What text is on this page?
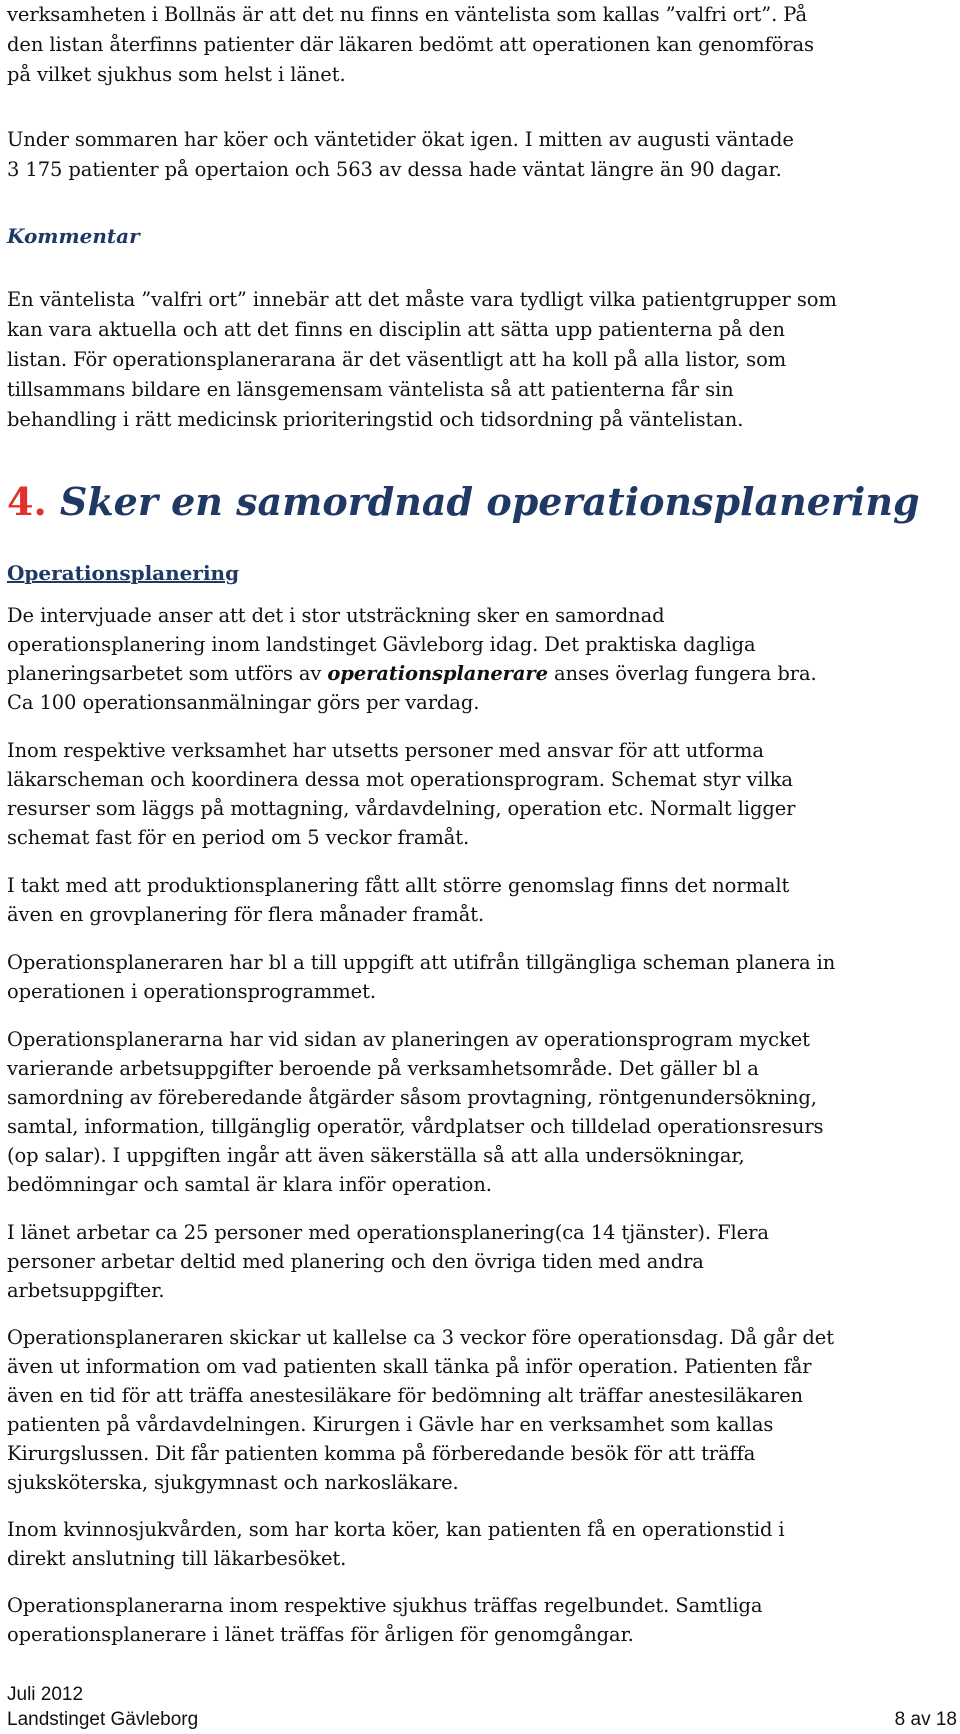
verksamheten i Bollnäs är att det nu finns en väntelista som kallas ”valfri ort”. På

den listan återfinns patienter där läkaren bedömt att operationen kan genomföras

på vilket sjukhus som helst i länet.

Under sommaren har köer och väntetider ökat igen. I mitten av augusti väntade

3 175 patienter på opertaion och 563 av dessa hade väntat längre än 90 dagar.

Kommentar

En väntelista ”valfri ort” innebär att det måste vara tydligt vilka patientgrupper som

kan vara aktuella och att det finns en disciplin att sätta upp patienterna på den

listan. För operationsplanerarana är det väsentligt att ha koll på alla listor, som

tillsammans bildare en länsgemensam väntelista så att patienterna får sin

behandling i rätt medicinsk prioriteringstid och tidsordning på väntelistan.

4. Sker en samordnad operationsplanering
Operationsplanering

De intervjuade anser att det i stor utsträckning sker en samordnad

operationsplanering inom landstinget Gävleborg idag. Det praktiska dagliga

planeringsarbetet som utförs av operationsplanerare anses överlag fungera bra.

Ca 100 operationsanmälningar görs per vardag.

Inom respektive verksamhet har utsetts personer med ansvar för att utforma

läkarscheman och koordinera dessa mot operationsprogram. Schemat styr vilka

resurser som läggs på mottagning, vårdavdelning, operation etc. Normalt ligger

schemat fast för en period om 5 veckor framåt.

I takt med att produktionsplanering fått allt större genomslag finns det normalt

även en grovplanering för flera månader framåt.

Operationsplaneraren har bl a till uppgift att utifrån tillgängliga scheman planera in

operationen i operationsprogrammet.

Operationsplanerarna har vid sidan av planeringen av operationsprogram mycket

varierande arbetsuppgifter beroende på verksamhetsområde. Det gäller bl a

samordning av föreberedande åtgärder såsom provtagning, röntgenundersökning,

samtal, information, tillgänglig operatör, vårdplatser och tilldelad operationsresurs

(op salar). I uppgiften ingår att även säkerställa så att alla undersökningar,

bedömningar och samtal är klara inför operation.

I länet arbetar ca 25 personer med operationsplanering(ca 14 tjänster). Flera

personer arbetar deltid med planering och den övriga tiden med andra

arbetsuppgifter.

Operationsplaneraren skickar ut kallelse ca 3 veckor före operationsdag. Då går det

även ut information om vad patienten skall tänka på inför operation. Patienten får

även en tid för att träffa anestesiläkare för bedömning alt träffar anestesiläkaren

patienten på vårdavdelningen. Kirurgen i Gävle har en verksamhet som kallas

Kirurgslussen. Dit får patienten komma på förberedande besök för att träffa

sjuksköterska, sjukgymnast och narkosläkare.

Inom kvinnosjukvården, som har korta köer, kan patienten få en operationstid i

direkt anslutning till läkarbesöket.

Operationsplanerarna inom respektive sjukhus träffas regelbundet. Samtliga

operationsplanerare i länet träffas för årligen för genomgångar.

Juli 2012
Landstinget Gävleborg	8 av 18
